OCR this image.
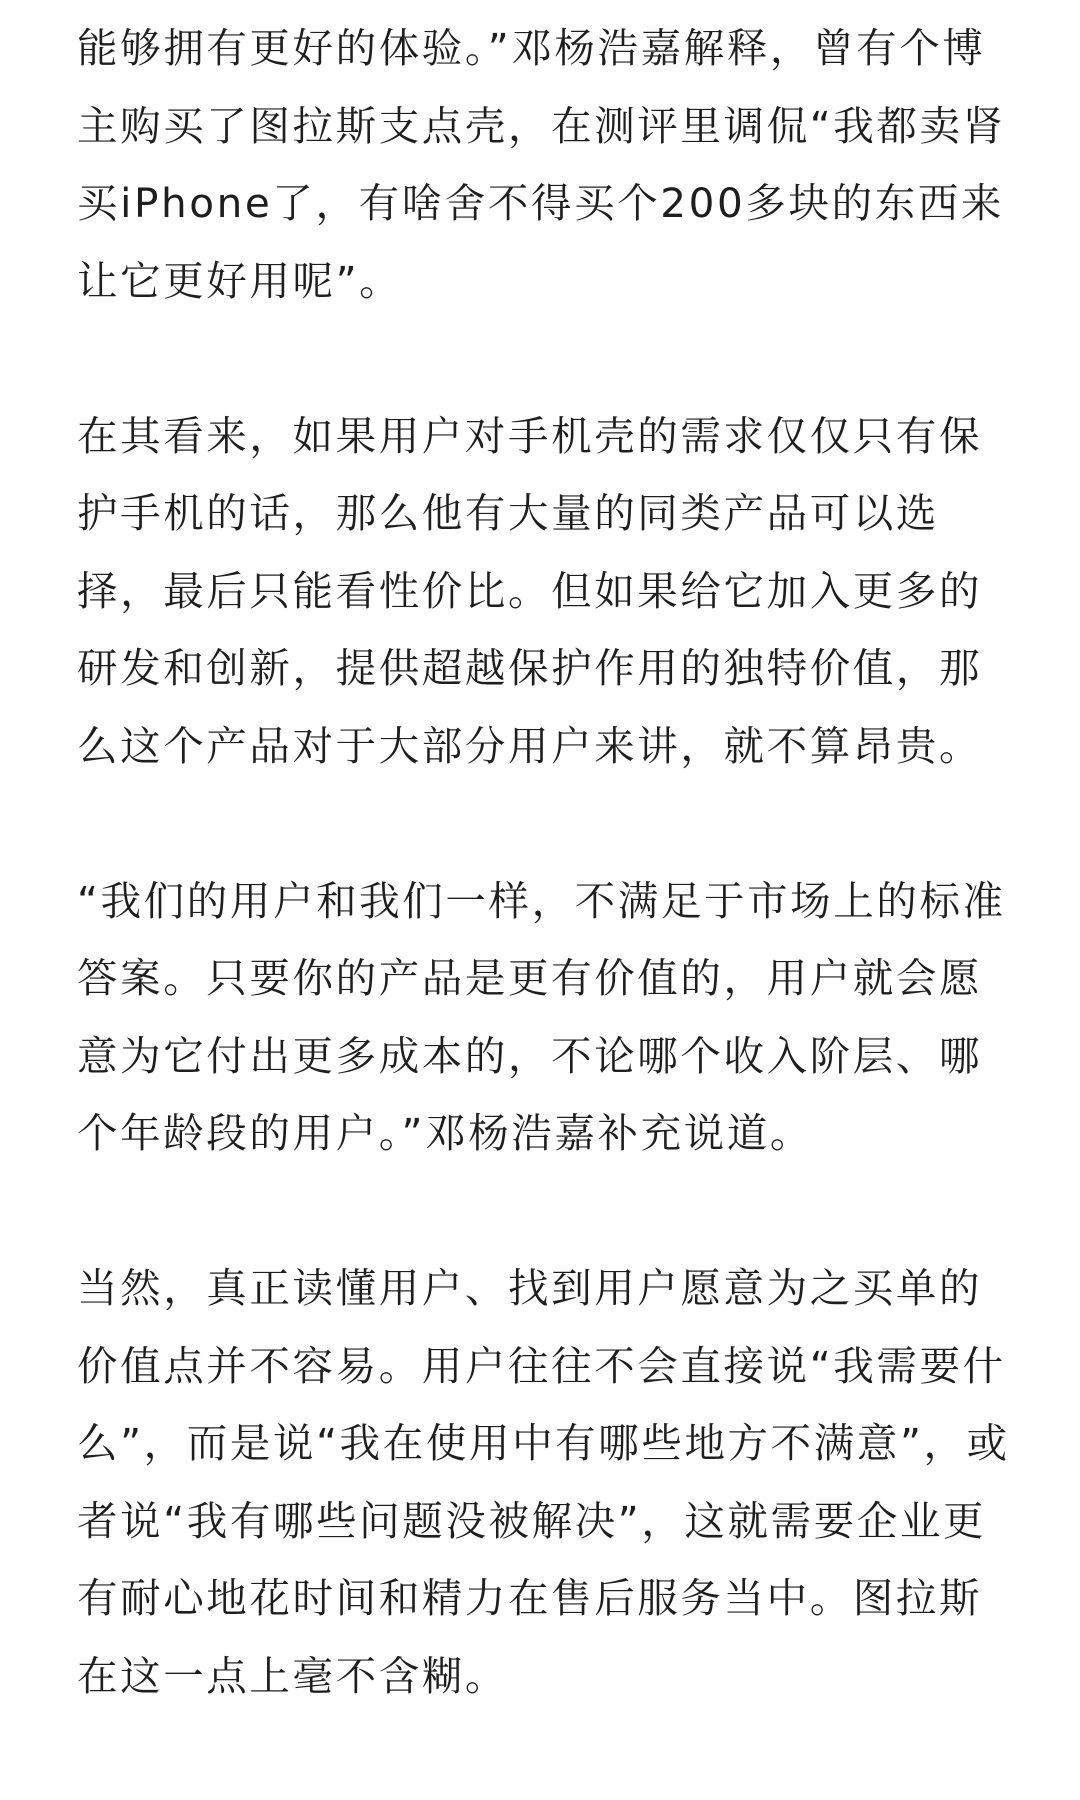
能够拥有更好的体验。”邓杨浩嘉解释，曾有个博
主购买了图拉斯支点壳，在测评里调侃“我都卖肾
买iPhone了，有啥舍不得买个200多块的东西来
让它更好用呢”。

在其看来，如果用户对手机壳的需求仅仅只有保
护手机的话，那么他有大量的同类产品可以选
择，最后只能看性价比。但如果给它加入更多的
研发和创新，提供超越保护作用的独特价值，那
么这个产品对于大部分用户来讲，就不算昂贵。

“我们的用户和我们一样，不满足于市场上的标准
答案。只要你的产品是更有价值的，用户就会愿
意为它付出更多成本的，不论哪个收入阶层、哪
个年龄段的用户。”邓杨浩嘉补充说道。

当然，真正读懂用户、找到用户愿意为之买单的
价值点并不容易。用户往往不会直接说“我需要什
么”，而是说“我在使用中有哪些地方不满意”，或
者说“我有哪些问题没被解决”，这就需要企业更
有耐心地花时间和精力在售后服务当中。图拉斯
在这一点上毫不含糊。
